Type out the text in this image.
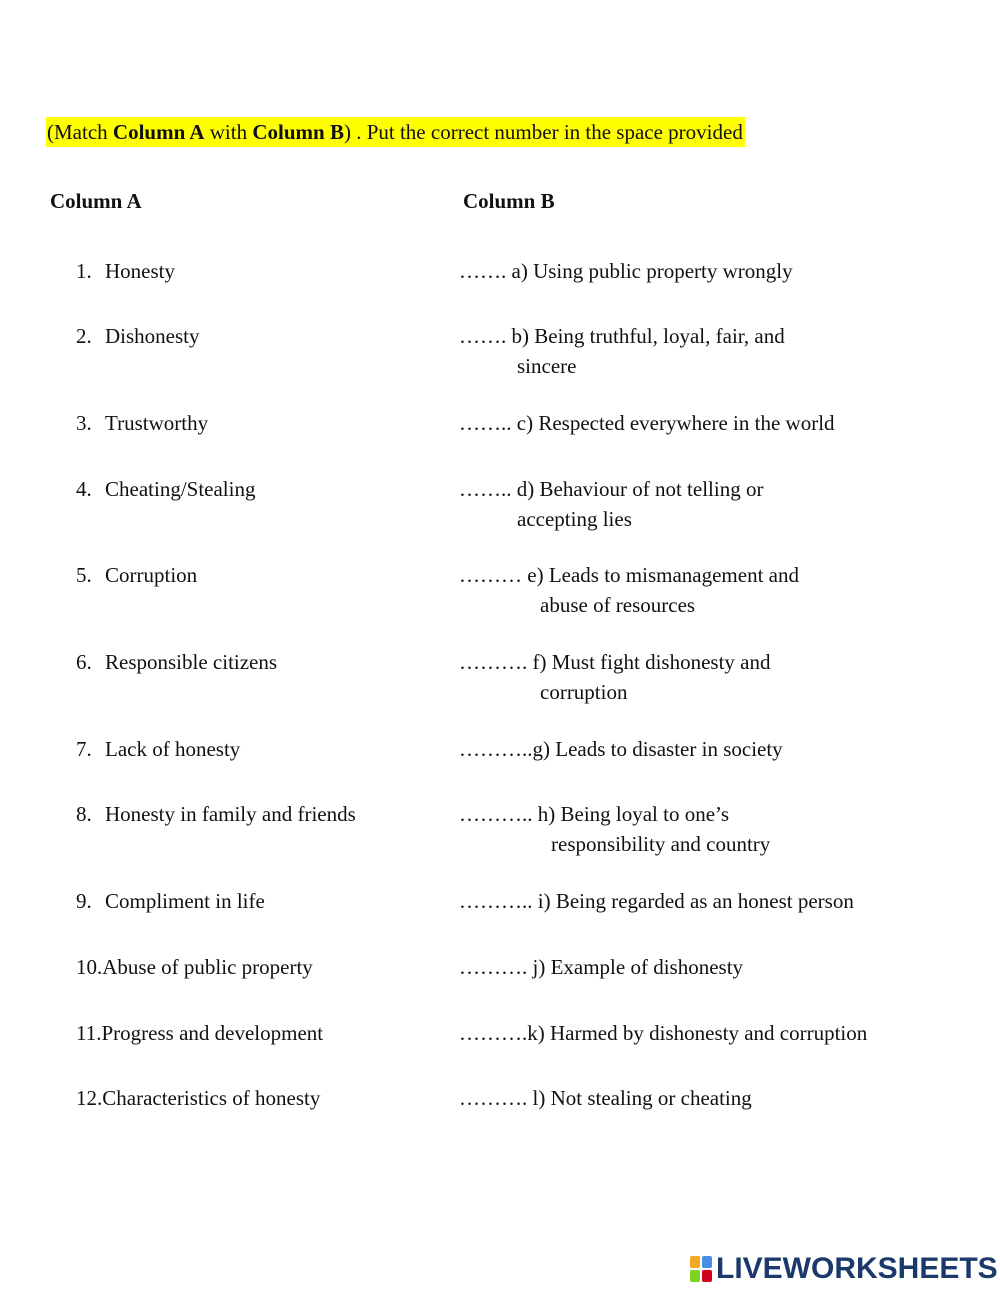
(Match Column A with Column B) . Put the correct number in the space provided
Column A	Column B
1. Honesty
2. Dishonesty
3. Trustworthy
4. Cheating/Stealing
5. Corruption
6. Responsible citizens
7. Lack of honesty
8. Honesty in family and friends
9. Compliment in life
10.Abuse of public property
11.Progress and development
12.Characteristics of honesty
……. a) Using public property wrongly
……. b) Being truthful, loyal, fair, and
sincere
…….. c) Respected everywhere in the world
…….. d) Behaviour of not telling or
accepting lies
……… e) Leads to mismanagement and
abuse of resources
………. f) Must fight dishonesty and
corruption
………..g) Leads to disaster in society
……….. h) Being loyal to one’s
responsibility and country
……….. i) Being regarded as an honest person
………. j) Example of dishonesty
……….k) Harmed by dishonesty and corruption
………. l) Not stealing or cheating
LIVEWORKSHEETS
